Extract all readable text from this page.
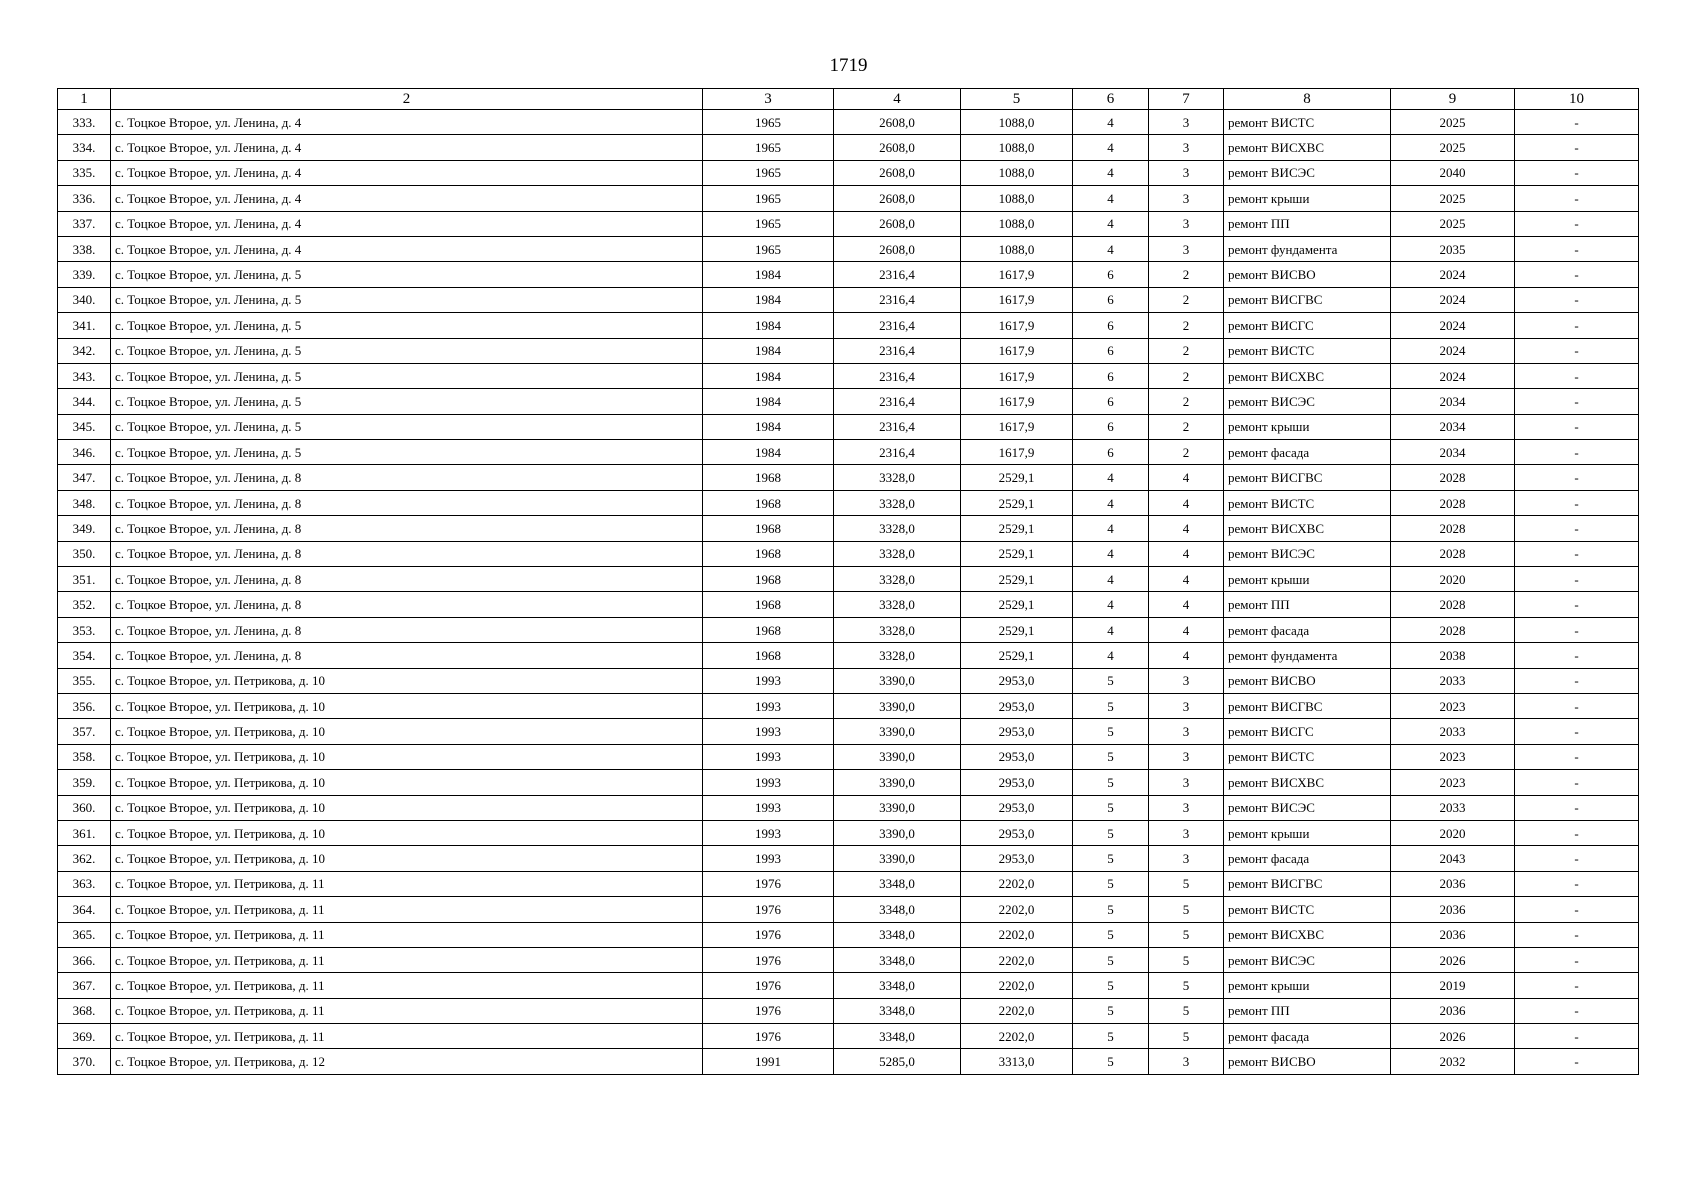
1719
1	2	3	4	5	6	7	8	9	10
333.	с. Тоцкое Второе, ул. Ленина, д. 4	1965	2608,0	1088,0	4	3	ремонт ВИСТС	2025	-
334.	с. Тоцкое Второе, ул. Ленина, д. 4	1965	2608,0	1088,0	4	3	ремонт ВИСХВС	2025	-
335.	с. Тоцкое Второе, ул. Ленина, д. 4	1965	2608,0	1088,0	4	3	ремонт ВИСЭС	2040	-
336.	с. Тоцкое Второе, ул. Ленина, д. 4	1965	2608,0	1088,0	4	3	ремонт крыши	2025	-
337.	с. Тоцкое Второе, ул. Ленина, д. 4	1965	2608,0	1088,0	4	3	ремонт ПП	2025	-
338.	с. Тоцкое Второе, ул. Ленина, д. 4	1965	2608,0	1088,0	4	3	ремонт фундамента	2035	-
339.	с. Тоцкое Второе, ул. Ленина, д. 5	1984	2316,4	1617,9	6	2	ремонт ВИСВО	2024	-
340.	с. Тоцкое Второе, ул. Ленина, д. 5	1984	2316,4	1617,9	6	2	ремонт ВИСГВС	2024	-
341.	с. Тоцкое Второе, ул. Ленина, д. 5	1984	2316,4	1617,9	6	2	ремонт ВИСГС	2024	-
342.	с. Тоцкое Второе, ул. Ленина, д. 5	1984	2316,4	1617,9	6	2	ремонт ВИСТС	2024	-
343.	с. Тоцкое Второе, ул. Ленина, д. 5	1984	2316,4	1617,9	6	2	ремонт ВИСХВС	2024	-
344.	с. Тоцкое Второе, ул. Ленина, д. 5	1984	2316,4	1617,9	6	2	ремонт ВИСЭС	2034	-
345.	с. Тоцкое Второе, ул. Ленина, д. 5	1984	2316,4	1617,9	6	2	ремонт крыши	2034	-
346.	с. Тоцкое Второе, ул. Ленина, д. 5	1984	2316,4	1617,9	6	2	ремонт фасада	2034	-
347.	с. Тоцкое Второе, ул. Ленина, д. 8	1968	3328,0	2529,1	4	4	ремонт ВИСГВС	2028	-
348.	с. Тоцкое Второе, ул. Ленина, д. 8	1968	3328,0	2529,1	4	4	ремонт ВИСТС	2028	-
349.	с. Тоцкое Второе, ул. Ленина, д. 8	1968	3328,0	2529,1	4	4	ремонт ВИСХВС	2028	-
350.	с. Тоцкое Второе, ул. Ленина, д. 8	1968	3328,0	2529,1	4	4	ремонт ВИСЭС	2028	-
351.	с. Тоцкое Второе, ул. Ленина, д. 8	1968	3328,0	2529,1	4	4	ремонт крыши	2020	-
352.	с. Тоцкое Второе, ул. Ленина, д. 8	1968	3328,0	2529,1	4	4	ремонт ПП	2028	-
353.	с. Тоцкое Второе, ул. Ленина, д. 8	1968	3328,0	2529,1	4	4	ремонт фасада	2028	-
354.	с. Тоцкое Второе, ул. Ленина, д. 8	1968	3328,0	2529,1	4	4	ремонт фундамента	2038	-
355.	с. Тоцкое Второе, ул. Петрикова, д. 10	1993	3390,0	2953,0	5	3	ремонт ВИСВО	2033	-
356.	с. Тоцкое Второе, ул. Петрикова, д. 10	1993	3390,0	2953,0	5	3	ремонт ВИСГВС	2023	-
357.	с. Тоцкое Второе, ул. Петрикова, д. 10	1993	3390,0	2953,0	5	3	ремонт ВИСГС	2033	-
358.	с. Тоцкое Второе, ул. Петрикова, д. 10	1993	3390,0	2953,0	5	3	ремонт ВИСТС	2023	-
359.	с. Тоцкое Второе, ул. Петрикова, д. 10	1993	3390,0	2953,0	5	3	ремонт ВИСХВС	2023	-
360.	с. Тоцкое Второе, ул. Петрикова, д. 10	1993	3390,0	2953,0	5	3	ремонт ВИСЭС	2033	-
361.	с. Тоцкое Второе, ул. Петрикова, д. 10	1993	3390,0	2953,0	5	3	ремонт крыши	2020	-
362.	с. Тоцкое Второе, ул. Петрикова, д. 10	1993	3390,0	2953,0	5	3	ремонт фасада	2043	-
363.	с. Тоцкое Второе, ул. Петрикова, д. 11	1976	3348,0	2202,0	5	5	ремонт ВИСГВС	2036	-
364.	с. Тоцкое Второе, ул. Петрикова, д. 11	1976	3348,0	2202,0	5	5	ремонт ВИСТС	2036	-
365.	с. Тоцкое Второе, ул. Петрикова, д. 11	1976	3348,0	2202,0	5	5	ремонт ВИСХВС	2036	-
366.	с. Тоцкое Второе, ул. Петрикова, д. 11	1976	3348,0	2202,0	5	5	ремонт ВИСЭС	2026	-
367.	с. Тоцкое Второе, ул. Петрикова, д. 11	1976	3348,0	2202,0	5	5	ремонт крыши	2019	-
368.	с. Тоцкое Второе, ул. Петрикова, д. 11	1976	3348,0	2202,0	5	5	ремонт ПП	2036	-
369.	с. Тоцкое Второе, ул. Петрикова, д. 11	1976	3348,0	2202,0	5	5	ремонт фасада	2026	-
370.	с. Тоцкое Второе, ул. Петрикова, д. 12	1991	5285,0	3313,0	5	3	ремонт ВИСВО	2032	-
